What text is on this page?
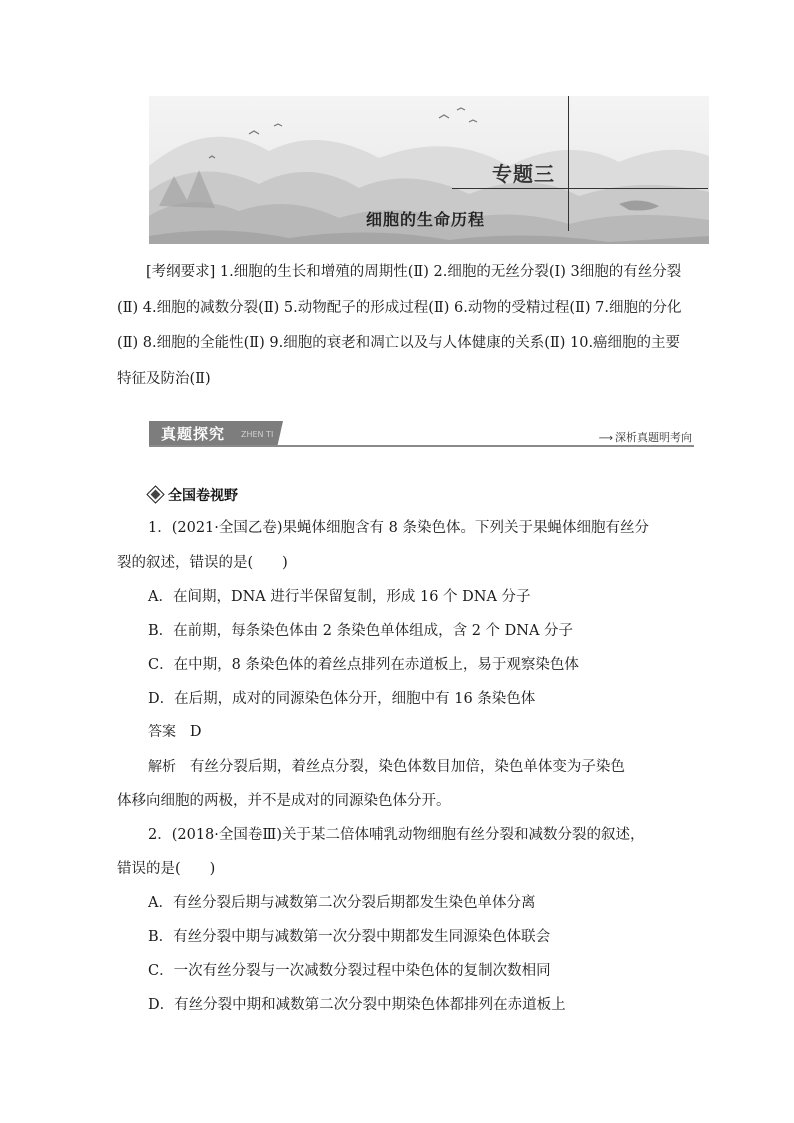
专题三
细胞的生命历程

[考纲要求] 1.细胞的生长和增殖的周期性(Ⅱ) 2.细胞的无丝分裂(Ⅰ) 3细胞的有丝分裂(Ⅱ) 4.细胞的减数分裂(Ⅱ) 5.动物配子的形成过程(Ⅱ) 6.动物的受精过程(Ⅱ) 7.细胞的分化(Ⅱ) 8.细胞的全能性(Ⅱ) 9.细胞的衰老和凋亡以及与人体健康的关系(Ⅱ) 10.癌细胞的主要特征及防治(Ⅱ)

真题探究 ZHEN TI	⟶ 深析真题明考向
全国卷视野
1．(2021·全国乙卷)果蝇体细胞含有 8 条染色体。下列关于果蝇体细胞有丝分
裂的叙述，错误的是(　　)
A．在间期，DNA 进行半保留复制，形成 16 个 DNA 分子
B．在前期，每条染色体由 2 条染色单体组成，含 2 个 DNA 分子
C．在中期，8 条染色体的着丝点排列在赤道板上，易于观察染色体
D．在后期，成对的同源染色体分开，细胞中有 16 条染色体
答案 D
解析 有丝分裂后期，着丝点分裂，染色体数目加倍，染色单体变为子染色
体移向细胞的两极，并不是成对的同源染色体分开。
2．(2018·全国卷Ⅲ)关于某二倍体哺乳动物细胞有丝分裂和减数分裂的叙述，
错误的是(　　)
A．有丝分裂后期与减数第二次分裂后期都发生染色单体分离
B．有丝分裂中期与减数第一次分裂中期都发生同源染色体联会
C．一次有丝分裂与一次减数分裂过程中染色体的复制次数相同
D．有丝分裂中期和减数第二次分裂中期染色体都排列在赤道板上
